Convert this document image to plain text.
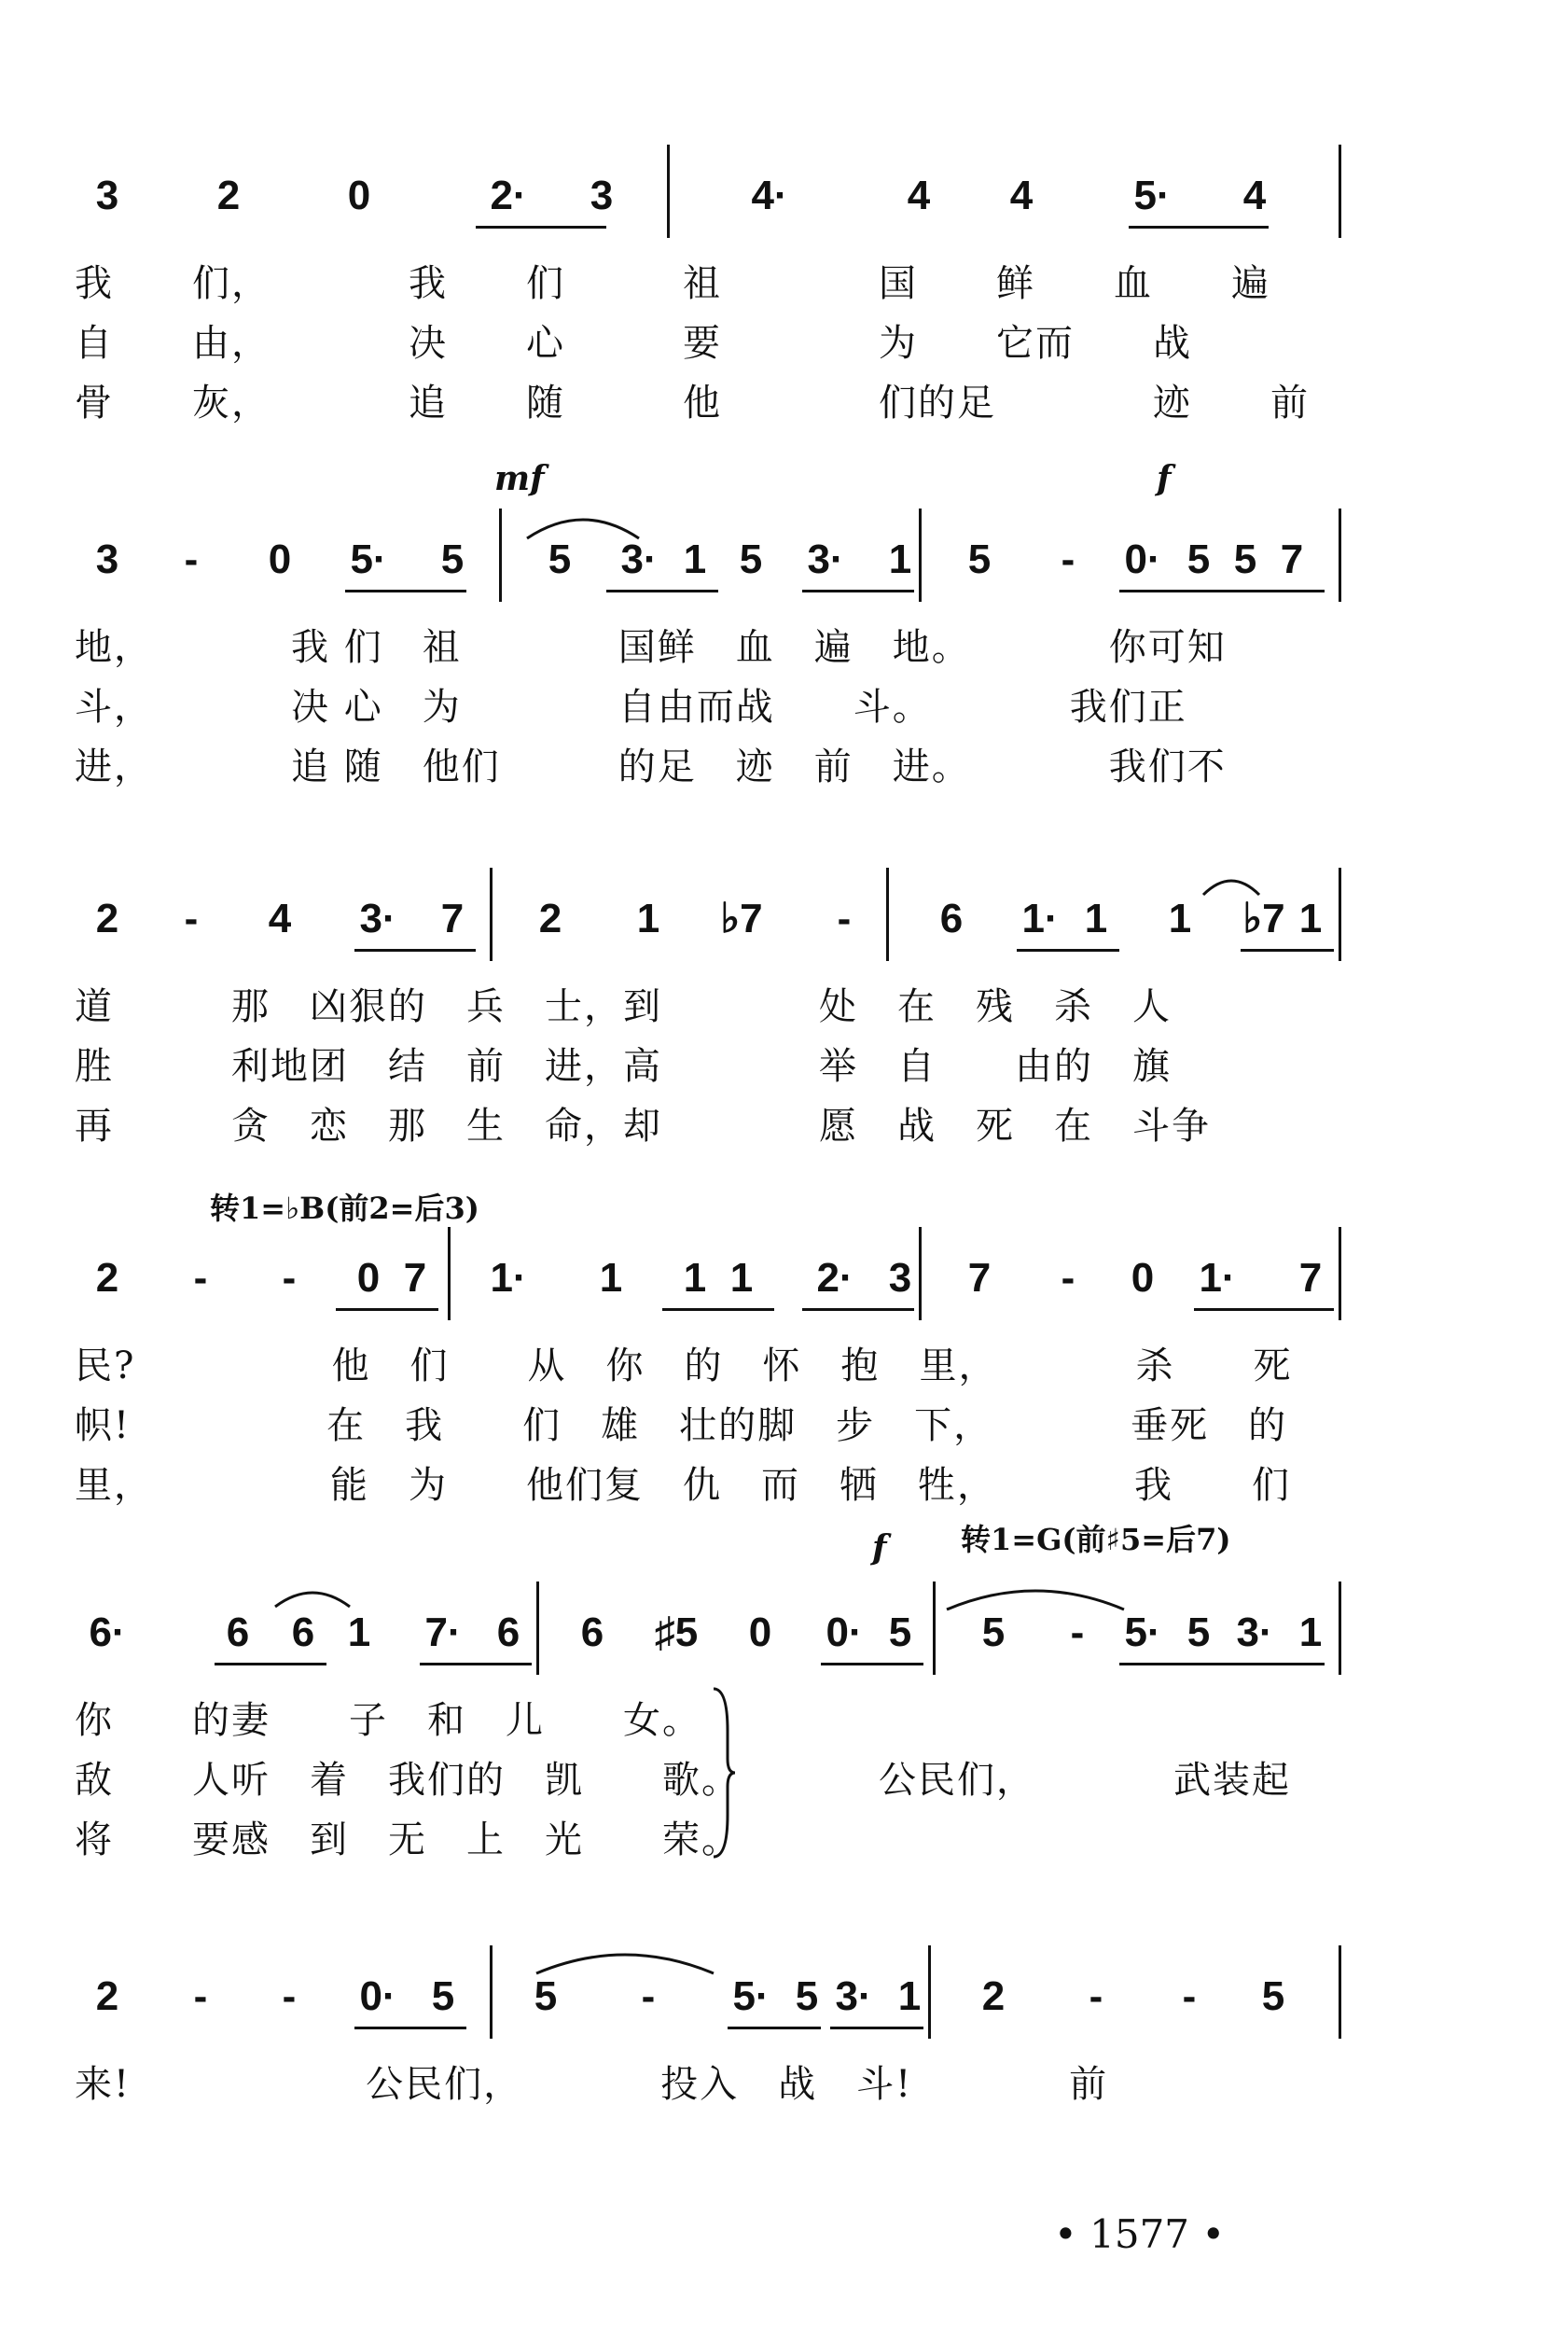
3	2	0	2·	3	4·	4	4	5·	4
我　　们，　　　　我　　们　　　祖　　　　国　　鲜　　血　　遍
自　　由，　　　　决　　心　　　要　　　　为　　它而　　战
骨　　灰，　　　　追　　随　　　他　　　　们的足　　　　迹　　前
mf	f
3	-	0	5·	5	5	3· 1 5	3·	1	5	-	0· 5 5 7
地，　　　　我 们　祖　　　　国鲜　血　遍　地。　　　　你可知
斗，　　　　决 心　为　　　　自由而战　　斗。　　　　我们正
进，　　　　追 随　他们　　　的足　迹　前　进。　　　　我们不
2	-	4	3·	7	2	1	♭7	-	6	1· 1	1	♭7 1
道　　　那　凶狠的　兵　士，到　　　　处　在　残　杀　人
胜　　　利地团　结　前　进，高　　　　举　自　　由的　旗
再　　　贪　恋　那　生　命，却　　　　愿　战　死　在　斗争
转1=♭B(前2=后3)
2	-	-	0 7	1·	1	1 1	2· 3	7	-	0	1·	7
民?　　　　　他　们　　从　你　的　怀　抱　里，　　　　杀　　死
帜!　　　　　在　我　　们　雄　壮的脚　步　下，　　　　垂死　的
里，　　　　　能　为　　他们复　仇　而　牺　牲，　　　　我　　们
f 转1=G(前♯5=后7)
6·	6	6 1	7· 6	6	♯5	0	0· 5	5	- 5· 5 3· 1
你　　的妻　　子　和　儿　　女。
敌　　人听　着　我们的　凯　　歌。　　　　公民们，　　　　武装起
将　　要感　到　无　上　光　　荣。
2	-	-	0· 5	5	-	5· 5 3· 1	2	-	-	5
来!　　　　　　公民们，　　　　投入　战　斗!　　　　前
• 1577 •
